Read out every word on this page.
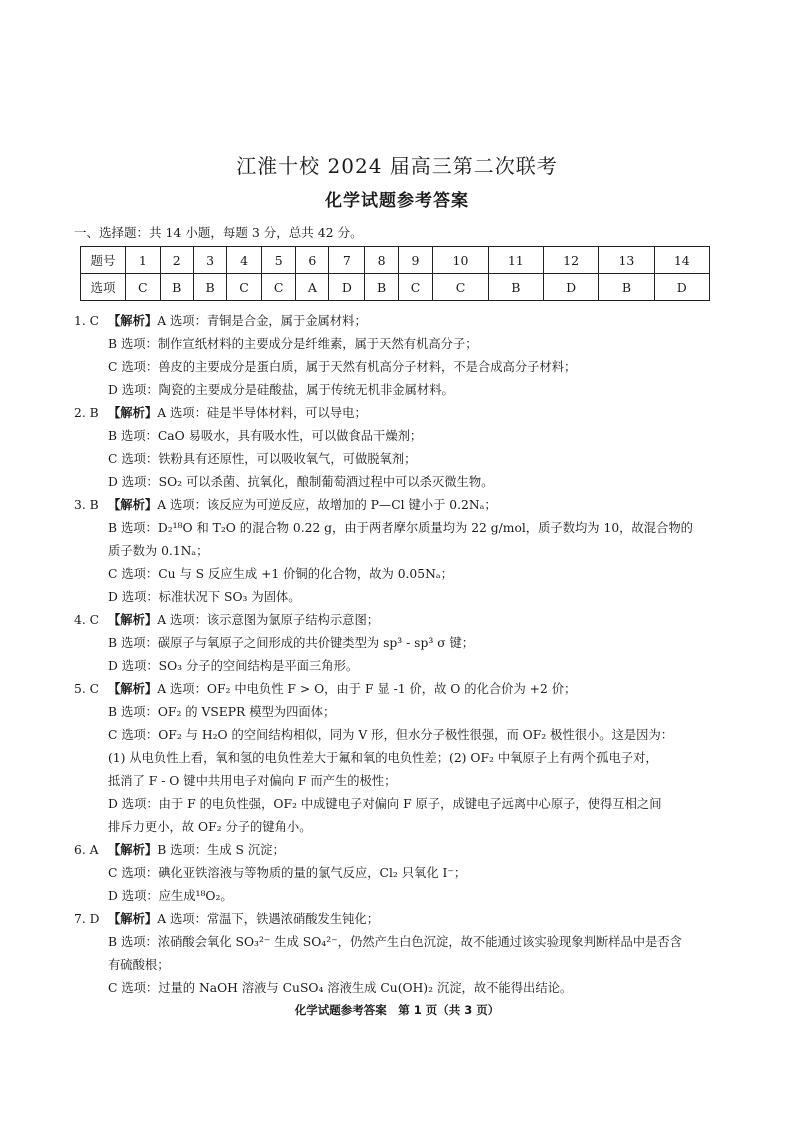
江淮十校 2024 届高三第二次联考
化学试题参考答案
一、选择题：共 14 小题，每题 3 分，总共 42 分。
题号	1	2	3	4	5	6	7	8	9	10	11	12	13	14
选项	C	B	B	C	C	A	D	B	C	C	B	D	B	D
1. C 【解析】A 选项：青铜是合金，属于金属材料；
B 选项：制作宣纸材料的主要成分是纤维素，属于天然有机高分子；
C 选项：兽皮的主要成分是蛋白质，属于天然有机高分子材料，不是合成高分子材料；
D 选项：陶瓷的主要成分是硅酸盐，属于传统无机非金属材料。
2. B 【解析】A 选项：硅是半导体材料，可以导电；
B 选项：CaO 易吸水，具有吸水性，可以做食品干燥剂；
C 选项：铁粉具有还原性，可以吸收氧气，可做脱氧剂；
D 选项：SO₂ 可以杀菌、抗氧化，酿制葡萄酒过程中可以杀灭微生物。
3. B 【解析】A 选项：该反应为可逆反应，故增加的 P—Cl 键小于 0.2Nₐ；
B 选项：D₂¹⁸O 和 T₂O 的混合物 0.22 g，由于两者摩尔质量均为 22 g/mol，质子数均为 10，故混合物的
质子数为 0.1Nₐ；
C 选项：Cu 与 S 反应生成 +1 价铜的化合物，故为 0.05Nₐ；
D 选项：标准状况下 SO₃ 为固体。
4. C 【解析】A 选项：该示意图为氯原子结构示意图；
B 选项：碳原子与氧原子之间形成的共价键类型为 sp³ - sp³ σ 键；
D 选项：SO₃ 分子的空间结构是平面三角形。
5. C 【解析】A 选项：OF₂ 中电负性 F > O，由于 F 显 -1 价，故 O 的化合价为 +2 价；
B 选项：OF₂ 的 VSEPR 模型为四面体；
C 选项：OF₂ 与 H₂O 的空间结构相似，同为 V 形，但水分子极性很强，而 OF₂ 极性很小。这是因为：
(1) 从电负性上看，氧和氢的电负性差大于氟和氧的电负性差；(2) OF₂ 中氧原子上有两个孤电子对，
抵消了 F - O 键中共用电子对偏向 F 而产生的极性；
D 选项：由于 F 的电负性强，OF₂ 中成键电子对偏向 F 原子，成键电子远离中心原子，使得互相之间
排斥力更小，故 OF₂ 分子的键角小。
6. A 【解析】B 选项：生成 S 沉淀；
C 选项：碘化亚铁溶液与等物质的量的氯气反应，Cl₂ 只氧化 I⁻；
D 选项：应生成¹⁸O₂。
7. D 【解析】A 选项：常温下，铁遇浓硝酸发生钝化；
B 选项：浓硝酸会氧化 SO₃²⁻ 生成 SO₄²⁻，仍然产生白色沉淀，故不能通过该实验现象判断样品中是否含
有硫酸根；
C 选项：过量的 NaOH 溶液与 CuSO₄ 溶液生成 Cu(OH)₂ 沉淀，故不能得出结论。
化学试题参考答案　第 1 页（共 3 页）
